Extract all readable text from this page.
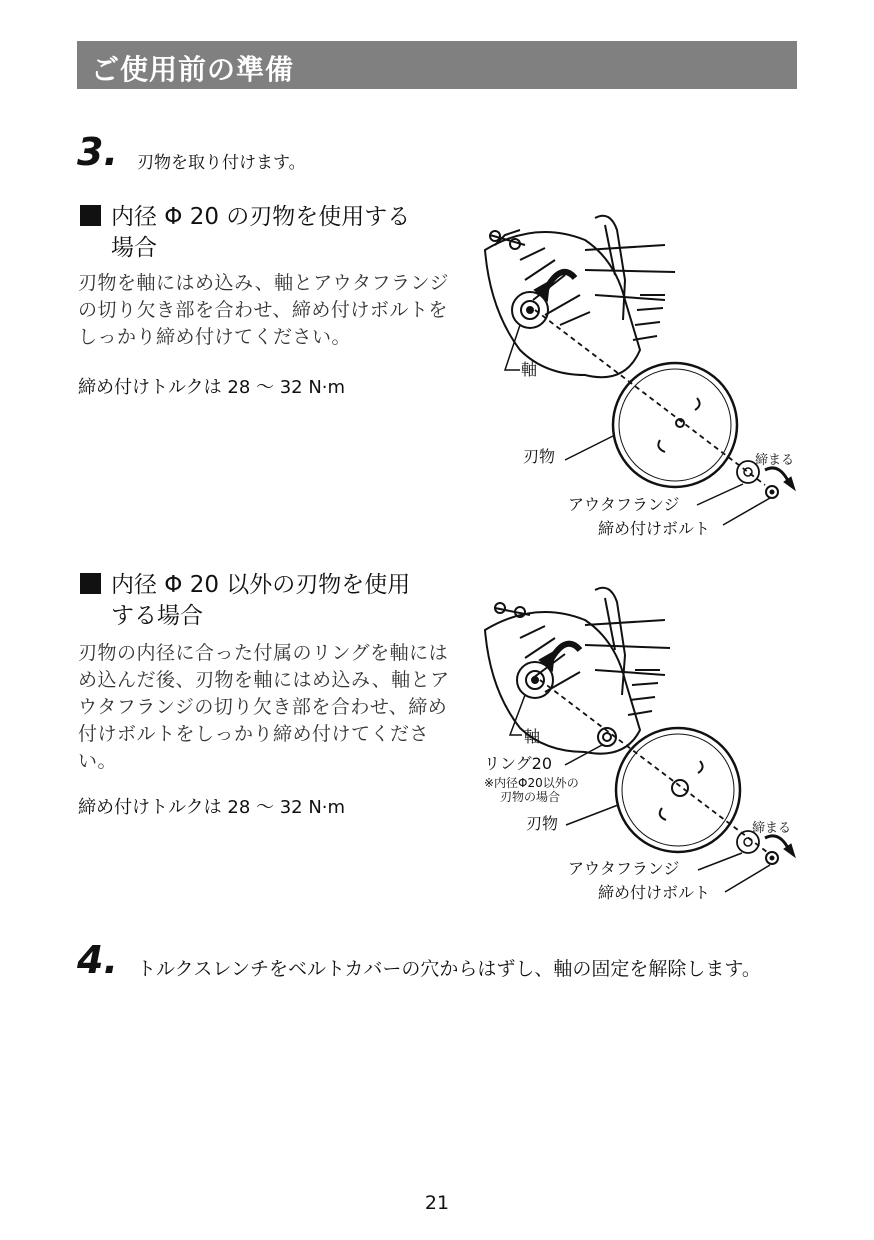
ご使用前の準備
3. 刃物を取り付けます。
内径 Φ 20 の刃物を使用する
場合
刃物を軸にはめ込み、軸とアウタフランジの切り欠き部を合わせ、締め付けボルトをしっかり締め付けてください。
締め付けトルクは 28 ～ 32 N·m
軸
刃物	締まる
アウタフランジ
締め付けボルト
内径 Φ 20 以外の刃物を使用
する場合
刃物の内径に合った付属のリングを軸にはめ込んだ後、刃物を軸にはめ込み、軸とアウタフランジの切り欠き部を合わせ、締め付けボルトをしっかり締め付けてください。
締め付けトルクは 28 ～ 32 N·m
軸
リング20
※内径Φ20以外の
刃物の場合
刃物	締まる
アウタフランジ
締め付けボルト
4. トルクスレンチをベルトカバーの穴からはずし、軸の固定を解除します。
21
